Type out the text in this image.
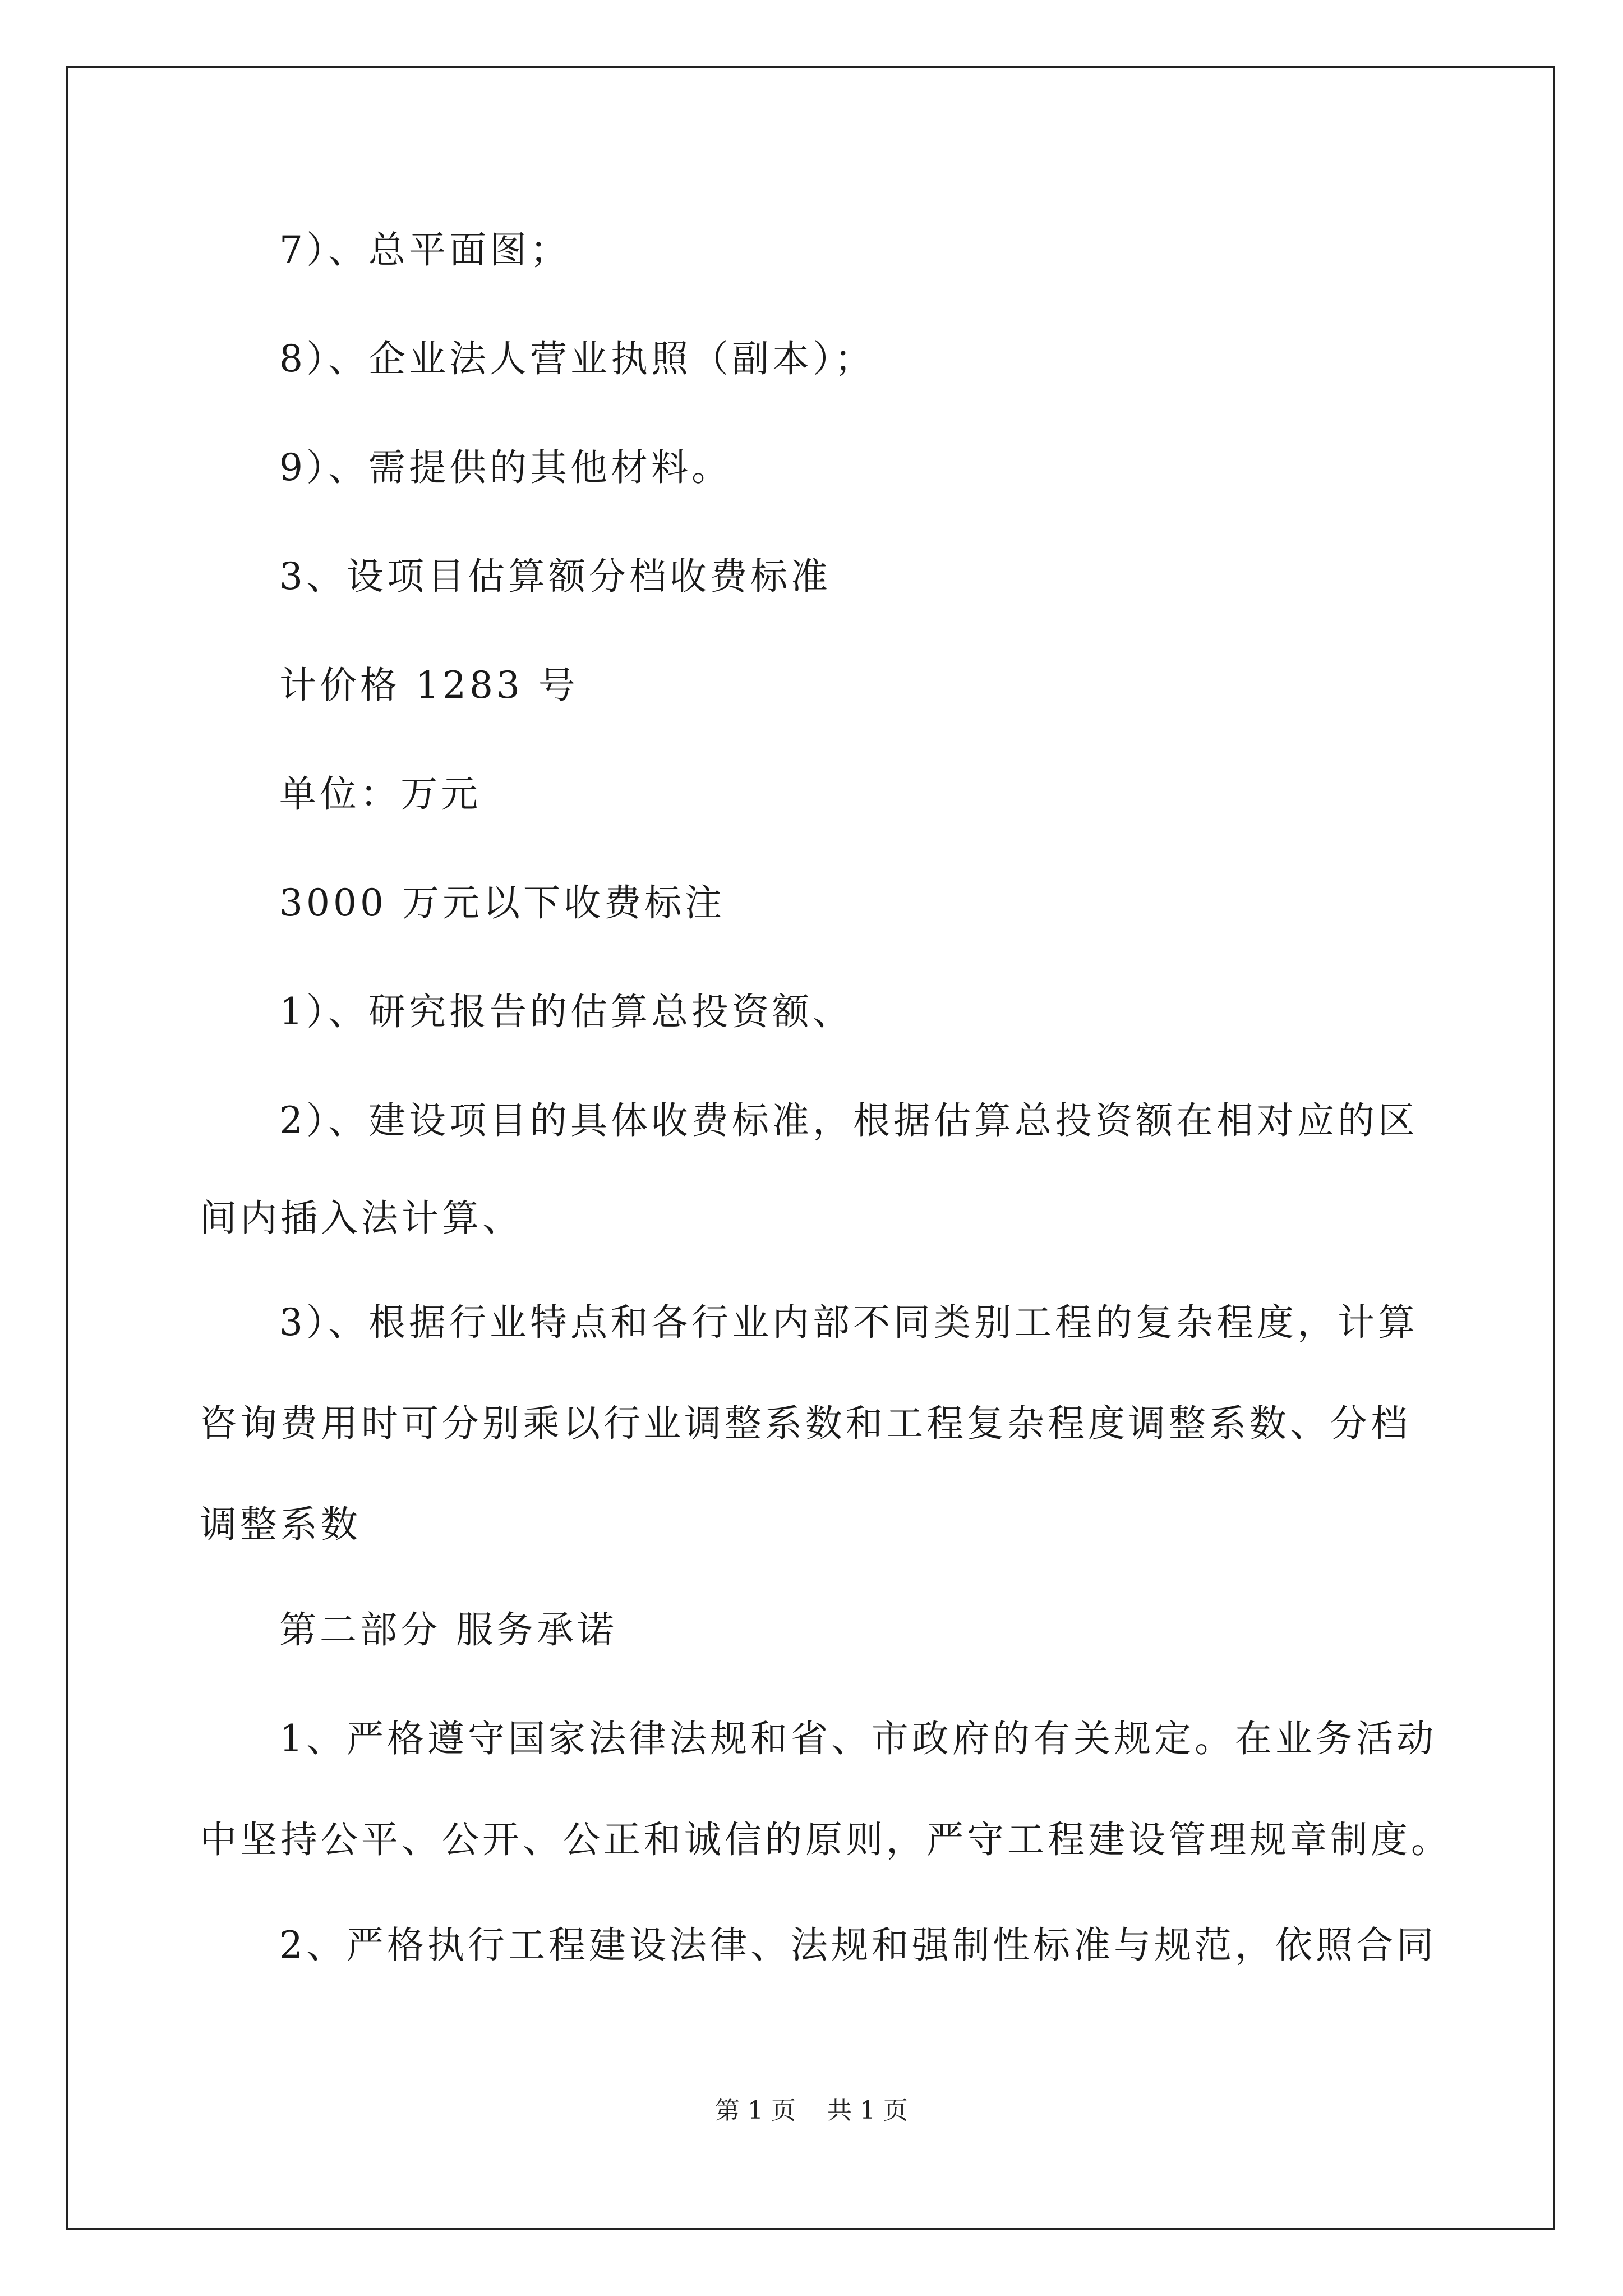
7）、总平面图；
8）、企业法人营业执照（副本）；
9）、需提供的其他材料。
3、设项目估算额分档收费标准
计价格 1283 号
单位：万元
3000 万元以下收费标注
1）、研究报告的估算总投资额、
2）、建设项目的具体收费标准，根据估算总投资额在相对应的区
间内插入法计算、
3）、根据行业特点和各行业内部不同类别工程的复杂程度，计算
咨询费用时可分别乘以行业调整系数和工程复杂程度调整系数、分档
调整系数
第二部分 服务承诺
1、严格遵守国家法律法规和省、市政府的有关规定。在业务活动
中坚持公平、公开、公正和诚信的原则，严守工程建设管理规章制度。
2、严格执行工程建设法律、法规和强制性标准与规范，依照合同
第 1 页    共 1 页
